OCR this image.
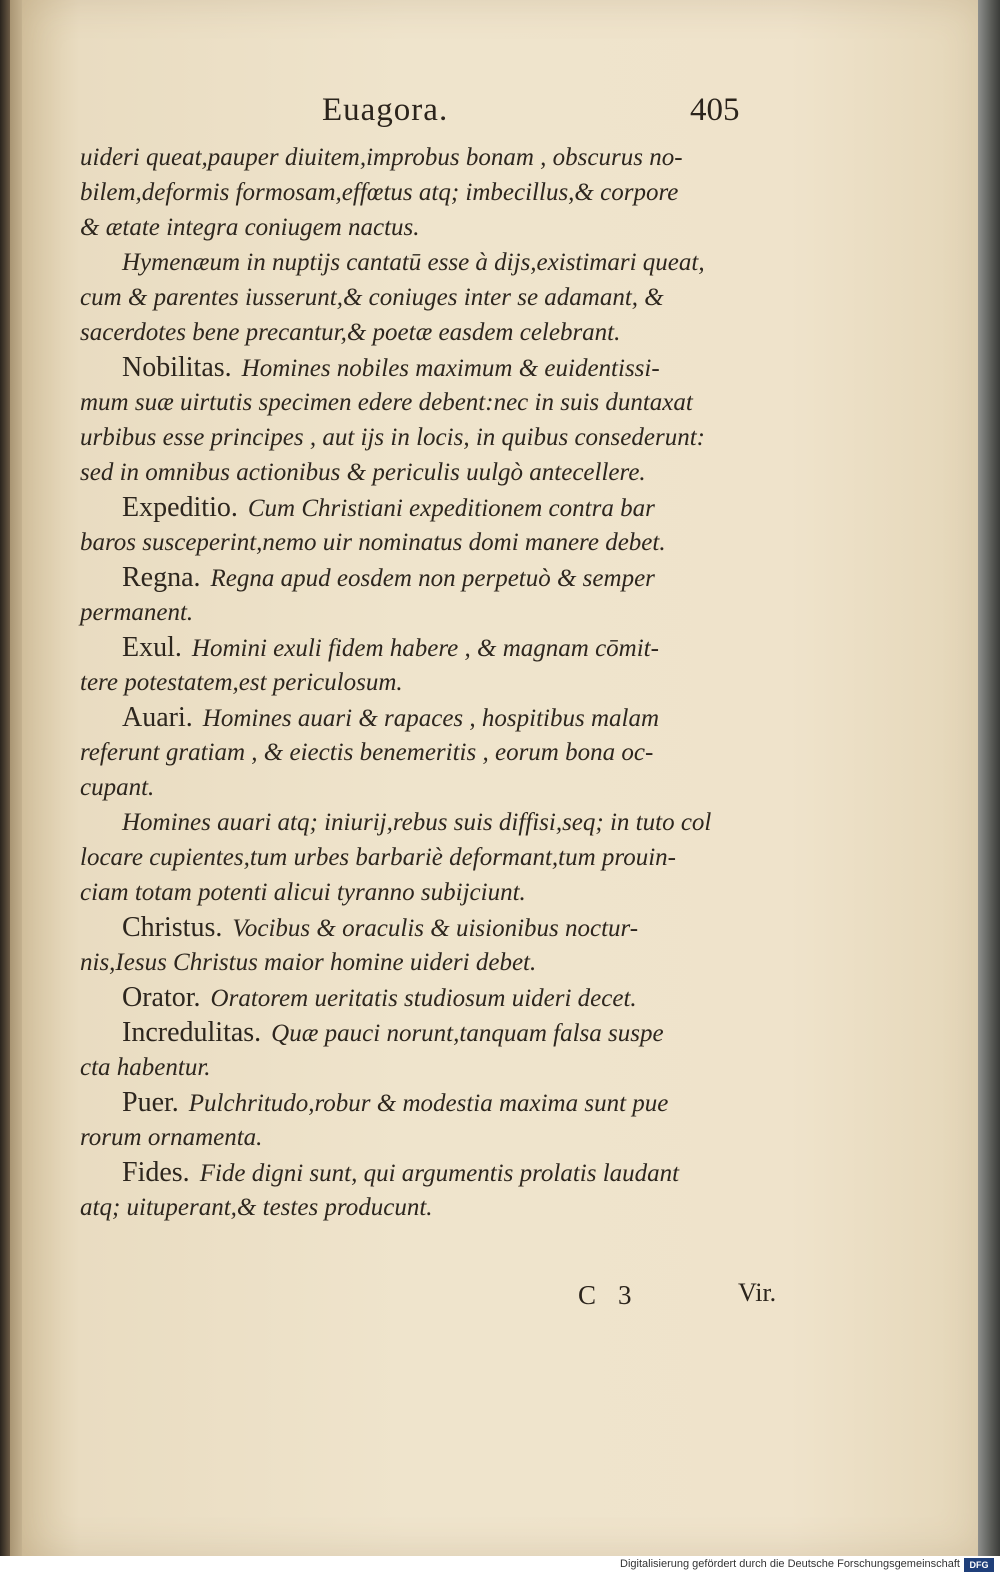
Euagora.	405
uideri queat,pauper diuitem,improbus bonam , obscurus no-
bilem,deformis formosam,effœtus atq; imbecillus,& corpore
& ætate integra coniugem nactus.
Hymenæum in nuptijs cantatū esse à dijs,existimari queat,
cum & parentes iusserunt,& coniuges inter se adamant, &
sacerdotes bene precantur,& poetæ easdem celebrant.
Nobilitas. Homines nobiles maximum & euidentissi-
mum suæ uirtutis specimen edere debent:nec in suis duntaxat
urbibus esse principes , aut ijs in locis, in quibus consederunt:
sed in omnibus actionibus & periculis uulgò antecellere.
Expeditio. Cum Christiani expeditionem contra bar
baros susceperint,nemo uir nominatus domi manere debet.
Regna. Regna apud eosdem non perpetuò & semper
permanent.
Exul. Homini exuli fidem habere , & magnam cōmit-
tere potestatem,est periculosum.
Auari. Homines auari & rapaces , hospitibus malam
referunt gratiam , & eiectis benemeritis , eorum bona oc-
cupant.
Homines auari atq; iniurij,rebus suis diffisi,seq; in tuto col
locare cupientes,tum urbes barbariè deformant,tum prouin-
ciam totam potenti alicui tyranno subijciunt.
Christus. Vocibus & oraculis & uisionibus noctur-
nis,Iesus Christus maior homine uideri debet.
Orator. Oratorem ueritatis studiosum uideri decet.
Incredulitas. Quæ pauci norunt,tanquam falsa suspe
cta habentur.
Puer. Pulchritudo,robur & modestia maxima sunt pue
rorum ornamenta.
Fides. Fide digni sunt, qui argumentis prolatis laudant
atq; uituperant,& testes producunt.
C 3	Vir.
Digitalisierung gefördert durch die Deutsche Forschungsgemeinschaft	DFG
